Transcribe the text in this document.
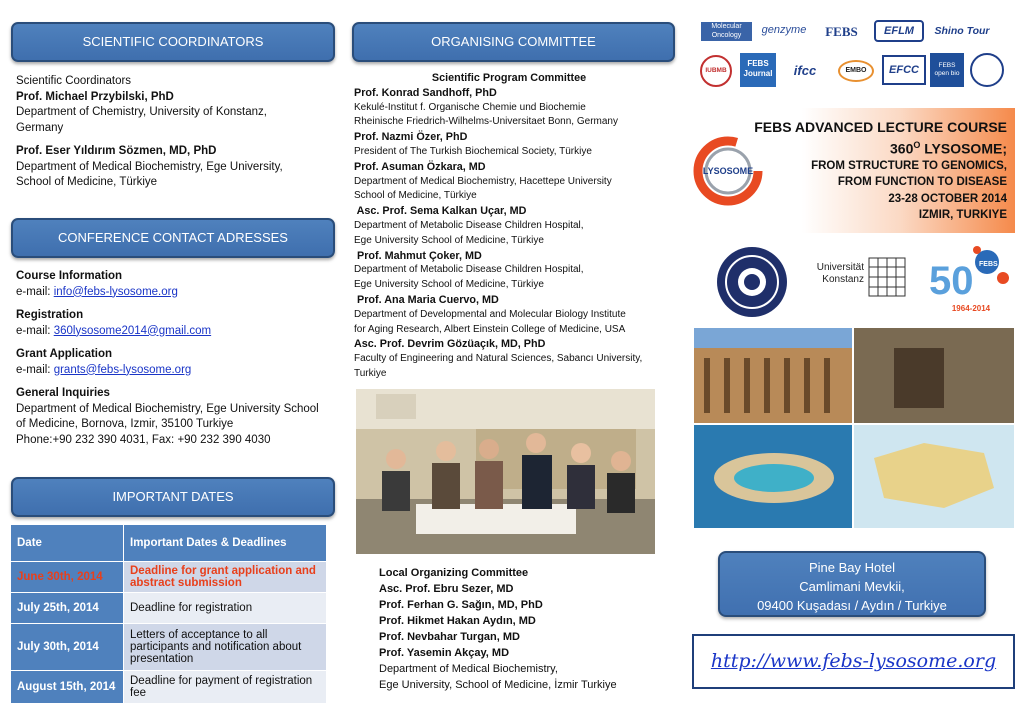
SCIENTIFIC COORDINATORS
Scientific Coordinators
Prof. Michael Przybilski, PhD
Department of Chemistry, University of Konstanz,
Germany
Prof. Eser Yıldırım Sözmen, MD, PhD
Department of Medical Biochemistry, Ege University,
School of Medicine, Türkiye
CONFERENCE CONTACT ADRESSES
Course Information
e-mail: info@febs-lysosome.org
Registration
e-mail: 360lysosome2014@gmail.com
Grant Application
e-mail: grants@febs-lysosome.org
General Inquiries
Department of Medical Biochemistry, Ege University School
of Medicine, Bornova, Izmir, 35100 Turkiye
Phone:+90 232 390 4031, Fax: +90 232 390 4030
IMPORTANT DATES
Date	Important Dates & Deadlines
June 30th, 2014	Deadline for grant application and abstract submission
July 25th, 2014	Deadline for registration
July 30th, 2014	Letters of acceptance to all participants and notification about presentation
August 15th, 2014	Deadline for payment of registration fee
ORGANISING COMMITTEE
Scientific Program Committee
Prof. Konrad Sandhoff, PhD
Kekulé-Institut f. Organische Chemie und Biochemie
Rheinische Friedrich-Wilhelms-Universitaet Bonn, Germany
Prof. Nazmi Özer, PhD
President of The Turkish Biochemical Society, Türkiye
Prof. Asuman Özkara, MD
Department of Medical Biochemistry, Hacettepe University
School of Medicine, Türkiye
Asc. Prof. Sema Kalkan Uçar, MD
Department of Metabolic Disease Children Hospital,
Ege University School of Medicine, Türkiye
Prof. Mahmut Çoker, MD
Department of Metabolic Disease Children Hospital,
Ege University School of Medicine, Türkiye
Prof. Ana Maria Cuervo, MD
Department of Developmental and Molecular Biology Institute
for Aging Research, Albert Einstein College of Medicine, USA
Asc. Prof. Devrim Gözüaçık, MD, PhD
Faculty of Engineering and Natural Sciences, Sabancı University,
Turkiye
Local Organizing Committee
Asc. Prof. Ebru Sezer, MD
Prof. Ferhan G. Sağın, MD, PhD
Prof. Hikmet Hakan Aydın, MD
Prof. Nevbahar Turgan, MD
Prof. Yasemin Akçay, MD
Department of Medical Biochemistry,
Ege University, School of Medicine, İzmir Turkiye
Molecular
Oncology	genzyme	FEBS	EFLM	Shino Tour
IUBMB
FEBS
Journal	ifcc	EMBO	EFCC	FEBS
open bio
LYSOSOME
FEBS ADVANCED LECTURE COURSE
$360^O$ LYSOSOME;
FROM STRUCTURE TO GENOMICS,
FROM FUNCTION TO DISEASE
23-28 OCTOBER 2014
IZMIR, TURKIYE
Universität
Konstanz 50 FEBS
1964-2014
Pine Bay Hotel
Camlimani Mevkii,
09400 Kuşadası / Aydın / Turkiye
http://www.febs-lysosome.org
